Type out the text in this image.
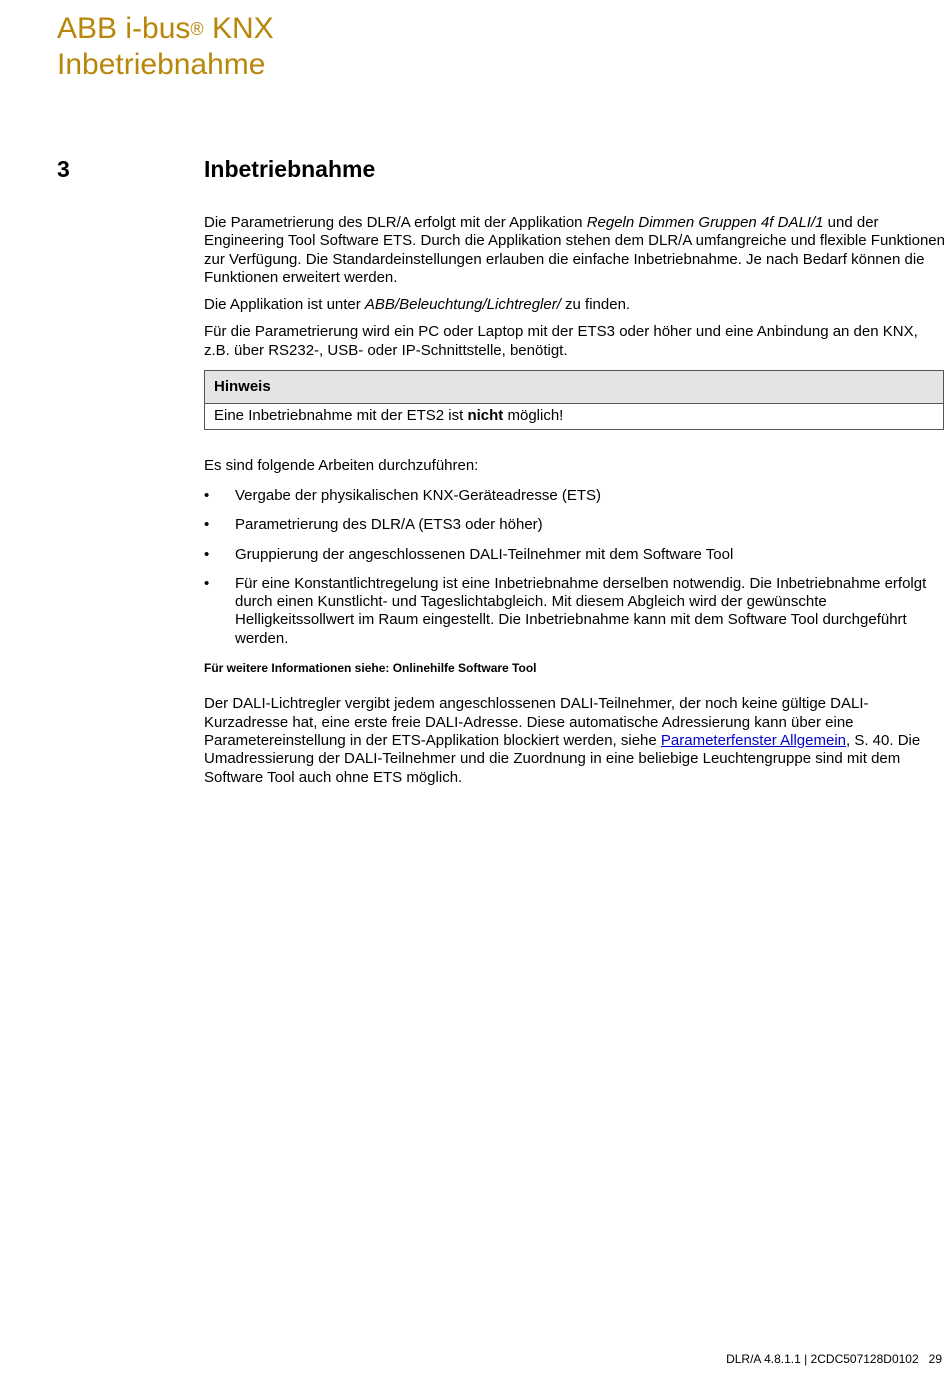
ABB i-bus® KNX
Inbetriebnahme
3	Inbetriebnahme

Die Parametrierung des DLR/A erfolgt mit der Applikation Regeln Dimmen Gruppen 4f DALI/1 und der Engineering Tool Software ETS. Durch die Applikation stehen dem DLR/A umfangreiche und flexible Funktionen zur Verfügung. Die Standardeinstellungen erlauben die einfache Inbetriebnahme. Je nach Bedarf können die Funktionen erweitert werden.

Die Applikation ist unter ABB/Beleuchtung/Lichtregler/ zu finden.

Für die Parametrierung wird ein PC oder Laptop mit der ETS3 oder höher und eine Anbindung an den KNX, z.B. über RS232-, USB- oder IP-Schnittstelle, benötigt.

Hinweis
Eine Inbetriebnahme mit der ETS2 ist nicht möglich!
Es sind folgende Arbeiten durchzuführen:
• Vergabe der physikalischen KNX-Geräteadresse (ETS)
• Parametrierung des DLR/A (ETS3 oder höher)
• Gruppierung der angeschlossenen DALI-Teilnehmer mit dem Software Tool
• Für eine Konstantlichtregelung ist eine Inbetriebnahme derselben notwendig. Die Inbetriebnahme erfolgt durch einen Kunstlicht- und Tageslichtabgleich. Mit diesem Abgleich wird der gewünschte Helligkeitssollwert im Raum eingestellt. Die Inbetriebnahme kann mit dem Software Tool durchgeführt werden.
Für weitere Informationen siehe: Onlinehilfe Software Tool

Der DALI-Lichtregler vergibt jedem angeschlossenen DALI-Teilnehmer, der noch keine gültige DALI-Kurzadresse hat, eine erste freie DALI-Adresse. Diese automatische Adressierung kann über eine Parametereinstellung in der ETS-Applikation blockiert werden, siehe Parameterfenster Allgemein, S. 40. Die Umadressierung der DALI-Teilnehmer und die Zuordnung in eine beliebige Leuchtengruppe sind mit dem Software Tool auch ohne ETS möglich.

DLR/A 4.8.1.1 | 2CDC507128D0102   29
